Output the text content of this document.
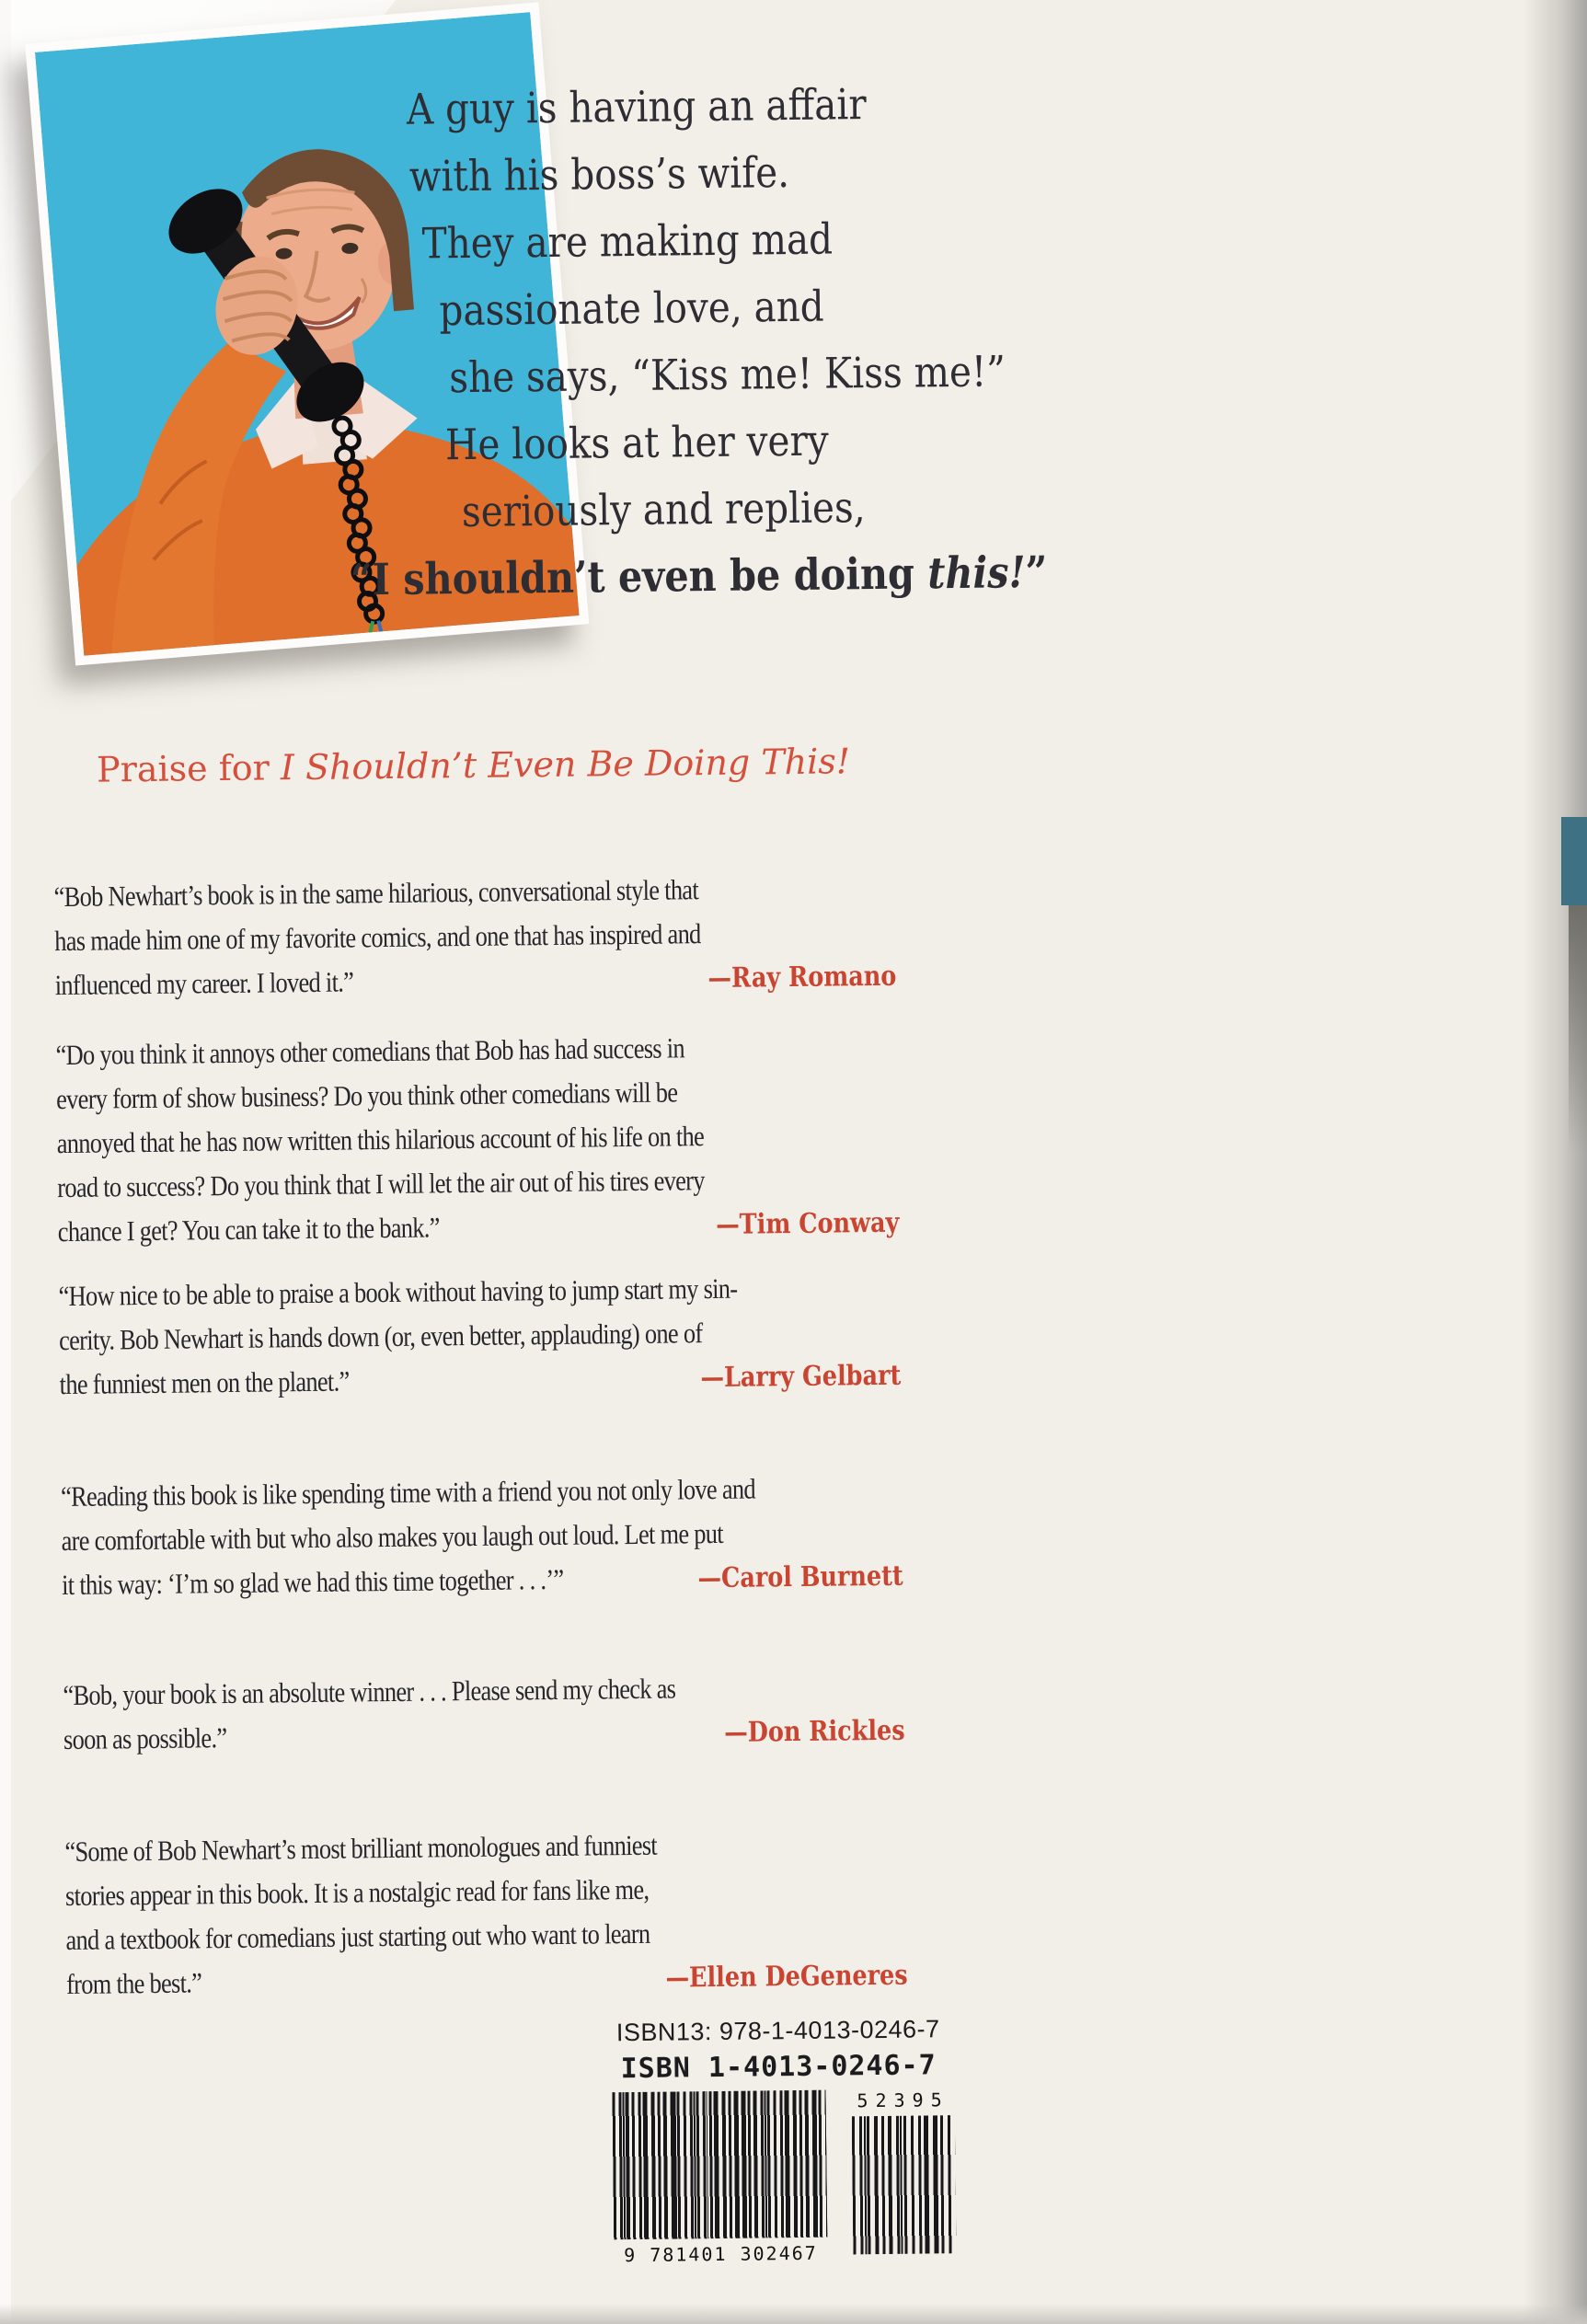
A guy is having an affair
with his boss’s wife.
They are making mad
passionate love, and
she says, “Kiss me! Kiss me!”
He looks at her very
seriously and replies,
“I shouldn’t even be doing this!”
Praise for I Shouldn’t Even Be Doing This!
“Bob Newhart’s book is in the same hilarious, conversational style that
has made him one of my favorite comics, and one that has inspired and
influenced my career. I loved it.”	—Ray Romano
“Do you think it annoys other comedians that Bob has had success in
every form of show business? Do you think other comedians will be
annoyed that he has now written this hilarious account of his life on the
road to success? Do you think that I will let the air out of his tires every
chance I get? You can take it to the bank.”	—Tim Conway
“How nice to be able to praise a book without having to jump start my sin-
cerity. Bob Newhart is hands down (or, even better, applauding) one of
the funniest men on the planet.”	—Larry Gelbart
“Reading this book is like spending time with a friend you not only love and
are comfortable with but who also makes you laugh out loud. Let me put
it this way: ‘I’m so glad we had this time together . . .’”	—Carol Burnett
“Bob, your book is an absolute winner . . . Please send my check as
soon as possible.”	—Don Rickles
“Some of Bob Newhart’s most brilliant monologues and funniest
stories appear in this book. It is a nostalgic read for fans like me,
and a textbook for comedians just starting out who want to learn
from the best.”	—Ellen DeGeneres
ISBN13: 978-1-4013-0246-7
ISBN 1-4013-0246-7
9 781401 302467
52395
